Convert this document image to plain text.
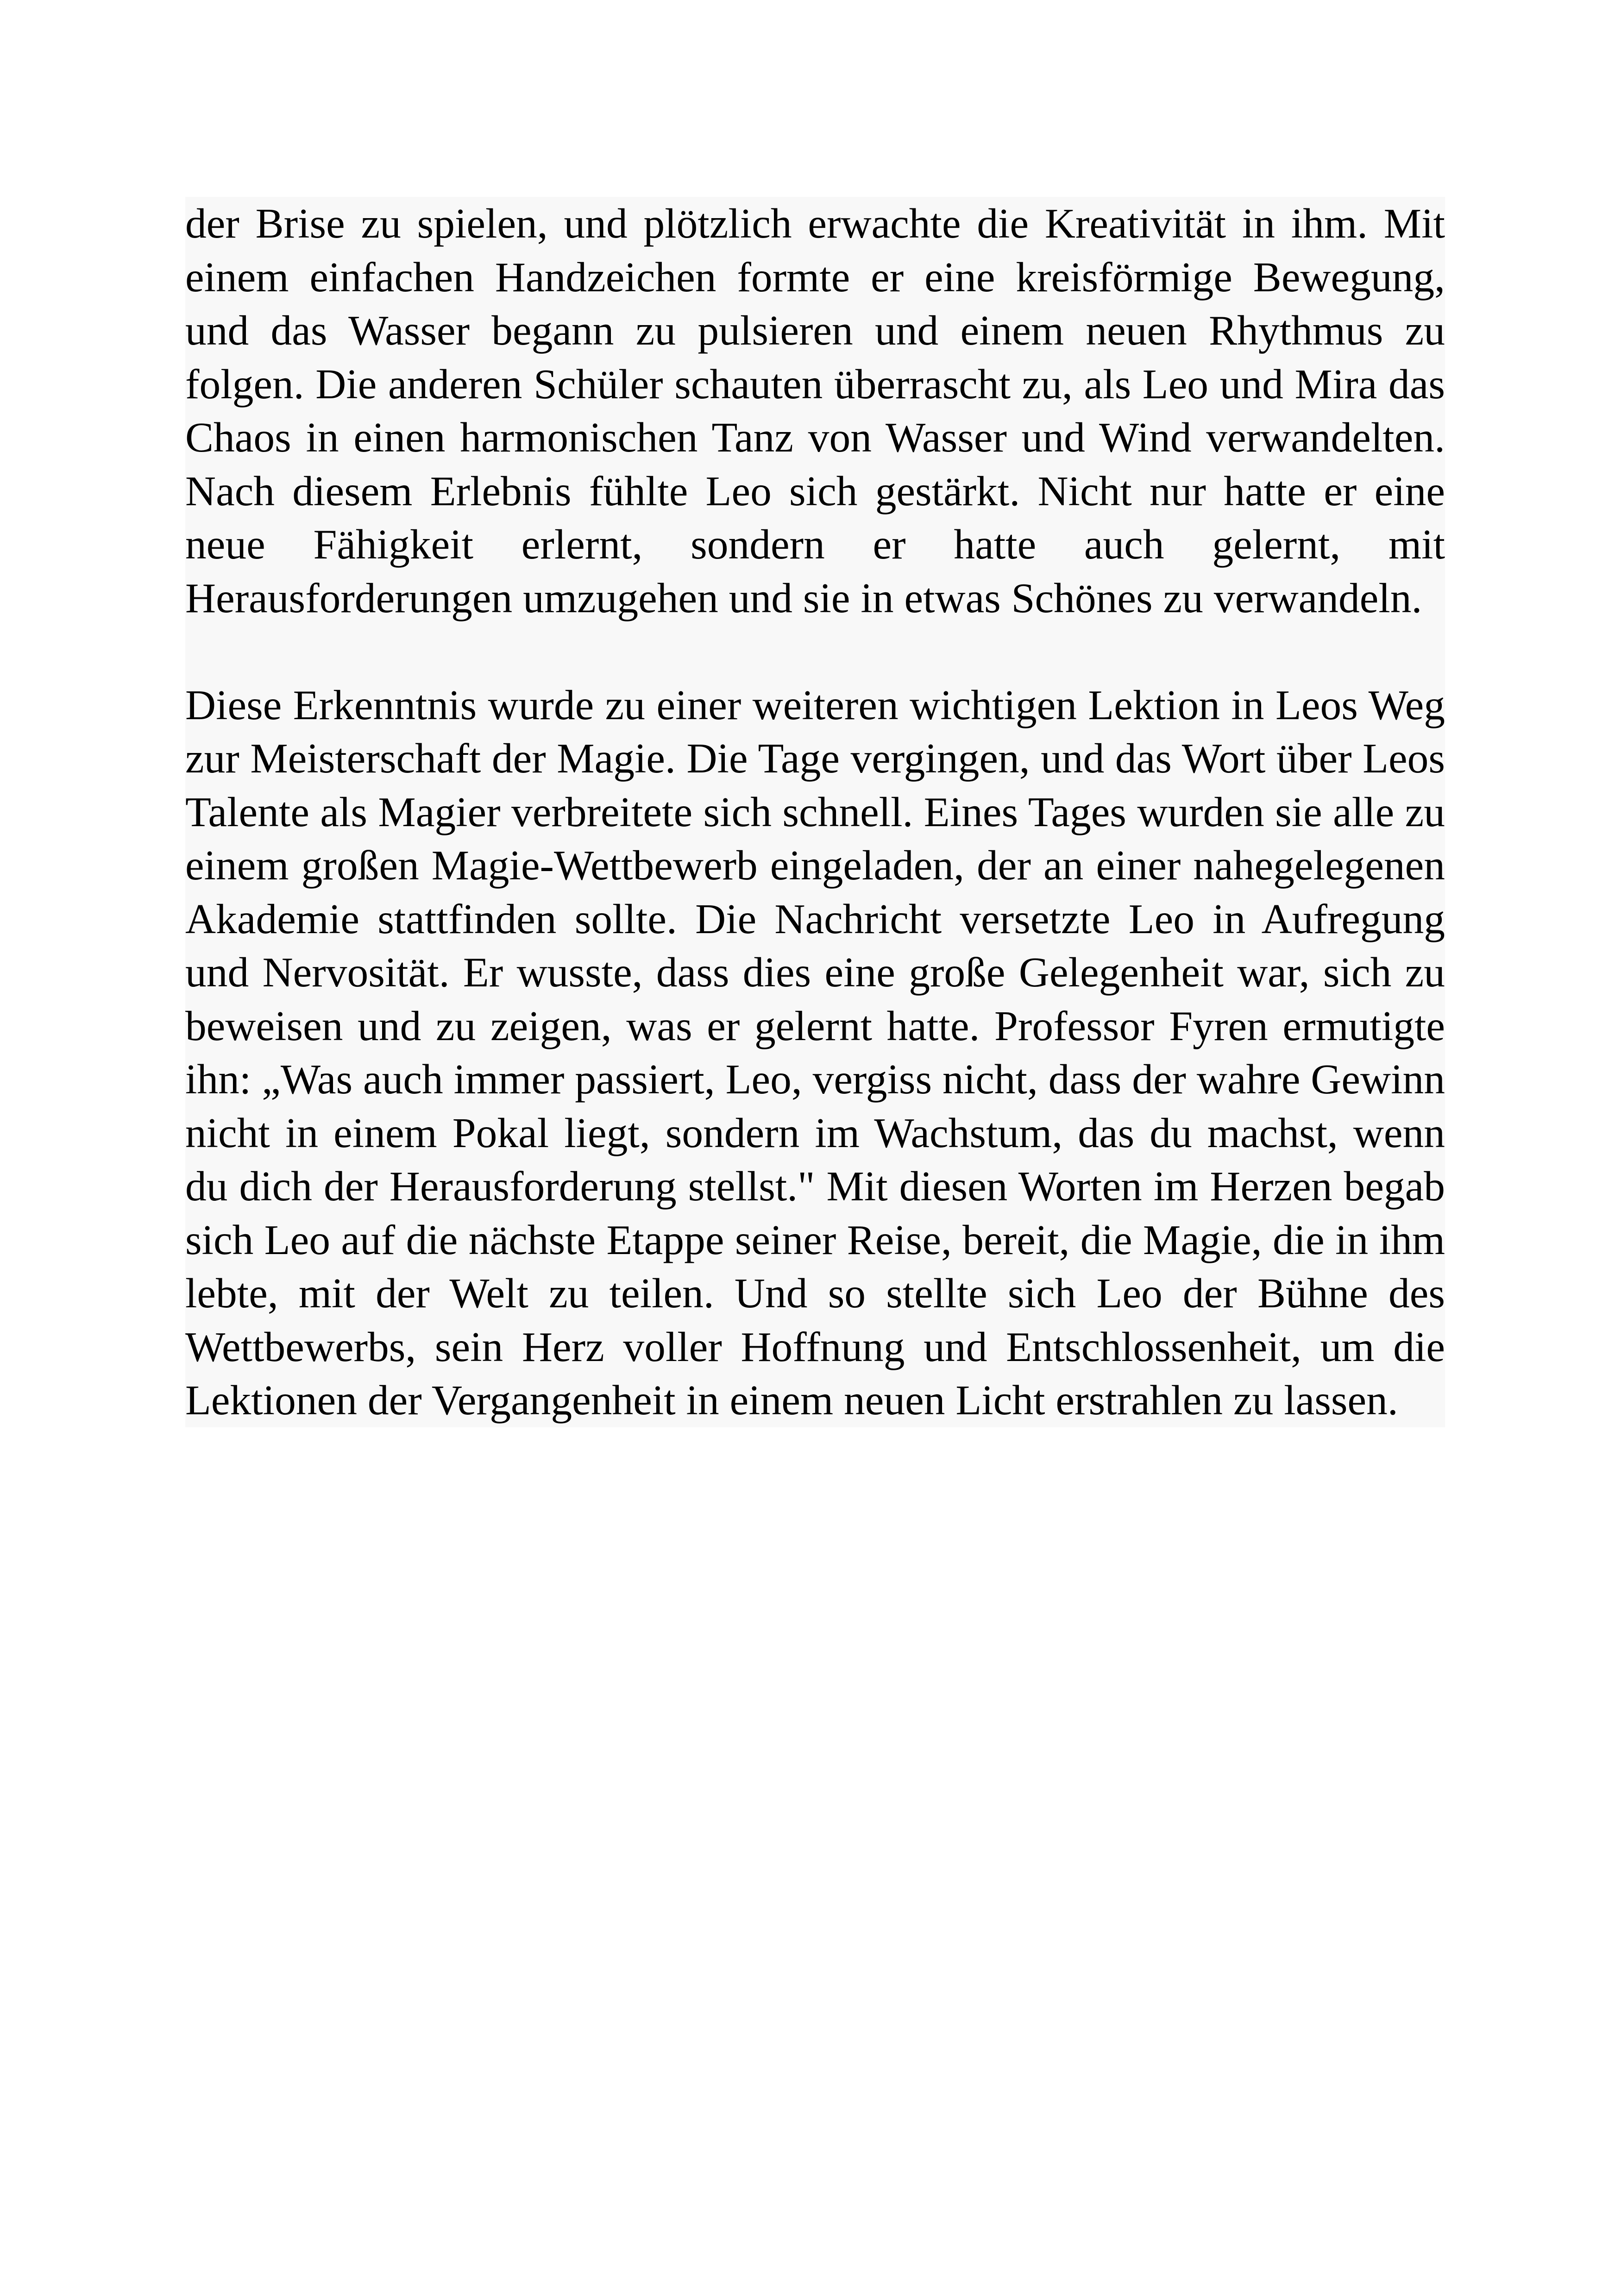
der Brise zu spielen, und plötzlich erwachte die Kreativität in ihm. Mit einem einfachen Handzeichen formte er eine kreisförmige Bewegung, und das Wasser begann zu pulsieren und einem neuen Rhythmus zu folgen. Die anderen Schüler schauten überrascht zu, als Leo und Mira das Chaos in einen harmonischen Tanz von Wasser und Wind verwandelten. Nach diesem Erlebnis fühlte Leo sich gestärkt. Nicht nur hatte er eine neue Fähigkeit erlernt, sondern er hatte auch gelernt, mit Herausforderungen umzugehen und sie in etwas Schönes zu verwandeln.

Diese Erkenntnis wurde zu einer weiteren wichtigen Lektion in Leos Weg zur Meisterschaft der Magie. Die Tage vergingen, und das Wort über Leos Talente als Magier verbreitete sich schnell. Eines Tages wurden sie alle zu einem großen Magie-Wettbewerb eingeladen, der an einer nahegelegenen Akademie stattfinden sollte. Die Nachricht versetzte Leo in Aufregung und Nervosität. Er wusste, dass dies eine große Gelegenheit war, sich zu beweisen und zu zeigen, was er gelernt hatte. Professor Fyren ermutigte ihn: „Was auch immer passiert, Leo, vergiss nicht, dass der wahre Gewinn nicht in einem Pokal liegt, sondern im Wachstum, das du machst, wenn du dich der Herausforderung stellst." Mit diesen Worten im Herzen begab sich Leo auf die nächste Etappe seiner Reise, bereit, die Magie, die in ihm lebte, mit der Welt zu teilen. Und so stellte sich Leo der Bühne des Wettbewerbs, sein Herz voller Hoffnung und Entschlossenheit, um die Lektionen der Vergangenheit in einem neuen Licht erstrahlen zu lassen.
